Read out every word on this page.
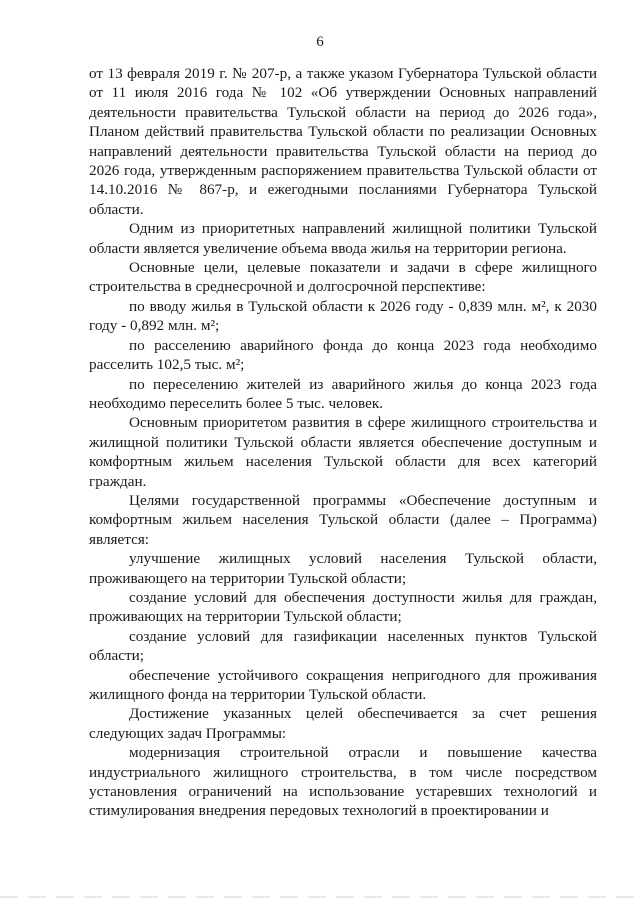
6

от 13 февраля 2019 г. № 207-р, а также указом Губернатора Тульской области от 11 июля 2016 года № 102 «Об утверждении Основных направлений деятельности правительства Тульской области на период до 2026 года», Планом действий правительства Тульской области по реализации Основных направлений деятельности правительства Тульской области на период до 2026 года, утвержденным распоряжением правительства Тульской области от 14.10.2016 № 867-р, и ежегодными посланиями Губернатора Тульской области.

Одним из приоритетных направлений жилищной политики Тульской области является увеличение объема ввода жилья на территории региона.

Основные цели, целевые показатели и задачи в сфере жилищного строительства в среднесрочной и долгосрочной перспективе:

по вводу жилья в Тульской области к 2026 году - 0,839 млн. м², к 2030 году - 0,892 млн. м²;

по расселению аварийного фонда до конца 2023 года необходимо расселить 102,5 тыс. м²;

по переселению жителей из аварийного жилья до конца 2023 года необходимо переселить более 5 тыс. человек.

Основным приоритетом развития в сфере жилищного строительства и жилищной политики Тульской области является обеспечение доступным и комфортным жильем населения Тульской области для всех категорий граждан.

Целями государственной программы «Обеспечение доступным и комфортным жильем населения Тульской области (далее – Программа) является:

улучшение жилищных условий населения Тульской области, проживающего на территории Тульской области;

создание условий для обеспечения доступности жилья для граждан, проживающих на территории Тульской области;

создание условий для газификации населенных пунктов Тульской области;

обеспечение устойчивого сокращения непригодного для проживания жилищного фонда на территории Тульской области.

Достижение указанных целей обеспечивается за счет решения следующих задач Программы:

модернизация строительной отрасли и повышение качества индустриального жилищного строительства, в том числе посредством установления ограничений на использование устаревших технологий и стимулирования внедрения передовых технологий в проектировании и
